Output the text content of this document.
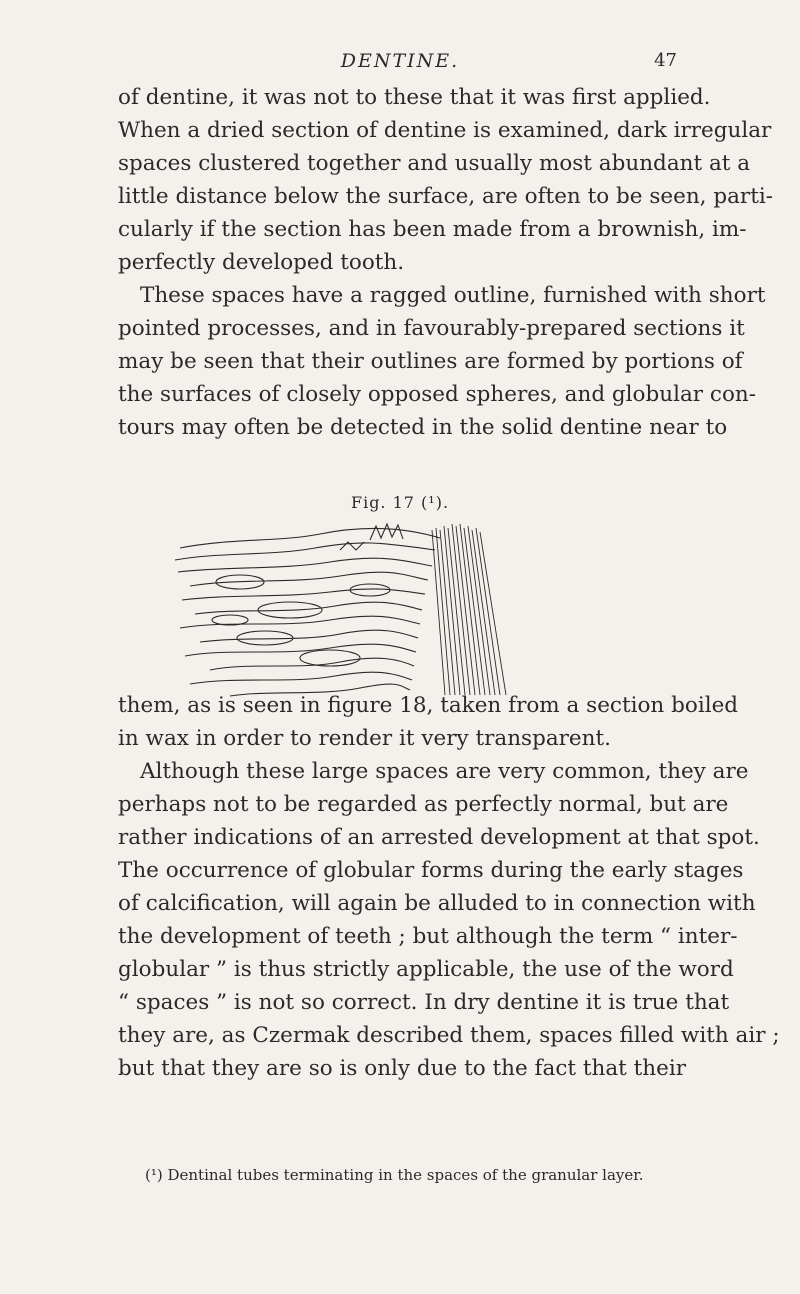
DENTINE.	47
of dentine, it was not to these that it was first applied.
When a dried section of dentine is examined, dark irregular
spaces clustered together and usually most abundant at a
little distance below the surface, are often to be seen, parti-
cularly if the section has been made from a brownish, im-
perfectly developed tooth.
These spaces have a ragged outline, furnished with short
pointed processes, and in favourably-prepared sections it
may be seen that their outlines are formed by portions of
the surfaces of closely opposed spheres, and globular con-
tours may often be detected in the solid dentine near to
Fig. 17 (¹).
them, as is seen in figure 18, taken from a section boiled
in wax in order to render it very transparent.
Although these large spaces are very common, they are
perhaps not to be regarded as perfectly normal, but are
rather indications of an arrested development at that spot.
The occurrence of globular forms during the early stages
of calcification, will again be alluded to in connection with
the development of teeth ; but although the term “ inter-
globular ” is thus strictly applicable, the use of the word
“ spaces ” is not so correct. In dry dentine it is true that
they are, as Czermak described them, spaces filled with air ;
but that they are so is only due to the fact that their
(¹) Dentinal tubes terminating in the spaces of the granular layer.
